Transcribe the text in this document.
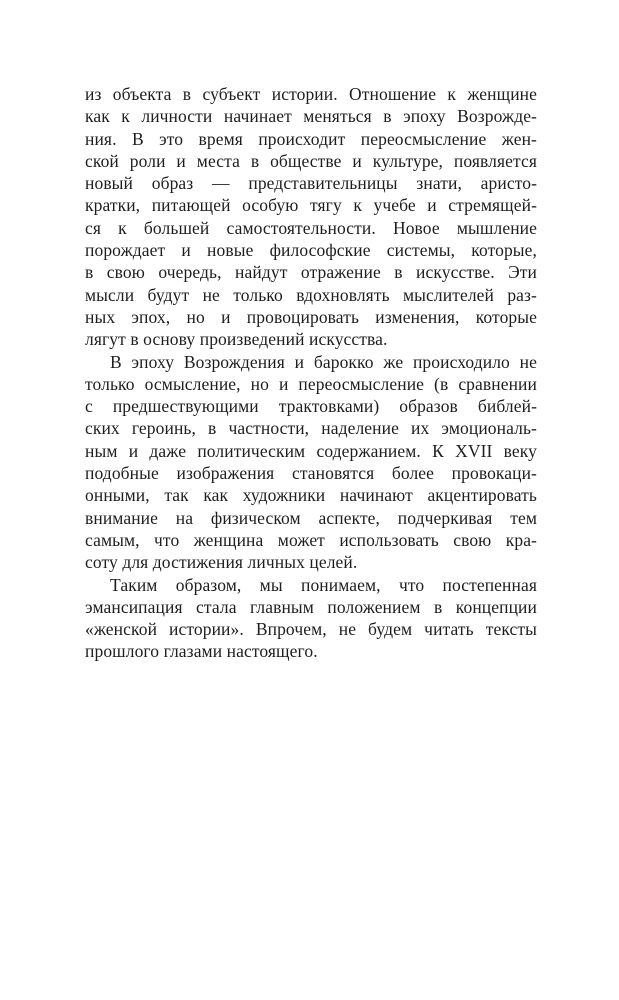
из объекта в субъект истории. Отношение к женщине
как к личности начинает меняться в эпоху Возрожде-
ния. В это время происходит переосмысление жен-
ской роли и места в обществе и культуре, появляется
новый образ — представительницы знати, аристо-
кратки, питающей особую тягу к учебе и стремящей-
ся к большей самостоятельности. Новое мышление
порождает и новые философские системы, которые,
в свою очередь, найдут отражение в искусстве. Эти
мысли будут не только вдохновлять мыслителей раз-
ных эпох, но и провоцировать изменения, которые
лягут в основу произведений искусства.
В эпоху Возрождения и барокко же происходило не
только осмысление, но и переосмысление (в сравнении
с предшествующими трактовками) образов библей-
ских героинь, в частности, наделение их эмоциональ-
ным и даже политическим содержанием. К XVII веку
подобные изображения становятся более провокаци-
онными, так как художники начинают акцентировать
внимание на физическом аспекте, подчеркивая тем
самым, что женщина может использовать свою кра-
соту для достижения личных целей.
Таким образом, мы понимаем, что постепенная
эмансипация стала главным положением в концепции
«женской истории». Впрочем, не будем читать тексты
прошлого глазами настоящего.
